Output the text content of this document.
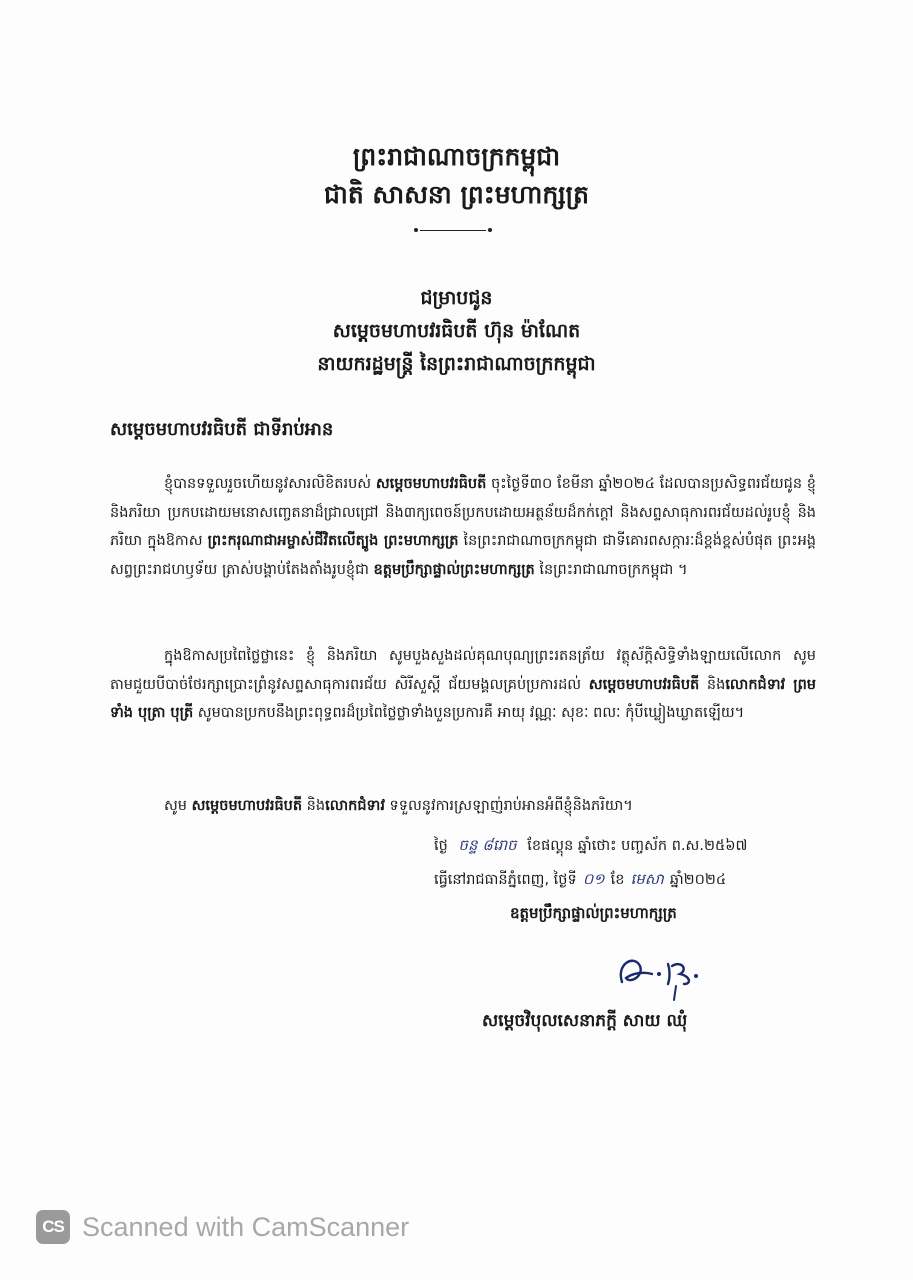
ព្រះរាជាណាចក្រកម្ពុជា
ជាតិ សាសនា ព្រះមហាក្សត្រ
ជម្រាបជូន
សម្តេចមហាបវរធិបតី ហ៊ុន ម៉ាណែត
នាយករដ្ឋមន្ត្រី នៃព្រះរាជាណាចក្រកម្ពុជា
សម្តេចមហាបវរធិបតី ជាទីរាប់អាន
ខ្ញុំបានទទួលរួចហើយនូវសារលិខិតរបស់ សម្តេចមហាបវរធិបតី ចុះថ្ងៃទី៣០ ខែមីនា ឆ្នាំ២០២៤ ដែលបានប្រសិទ្ធពរជ័យជូន ខ្ញុំ និងភរិយា ប្រកបដោយមនោសញ្ចេតនាដ៏ជ្រាលជ្រៅ និង៣ក្យពេចន៍ប្រកបដោយអត្ថន័យដ៏កក់ក្តៅ និងសព្ទសាធុការពរជ័យដល់រូបខ្ញុំ និងភរិយា ក្នុងឱកាស ព្រះករុណាជាអម្ចាស់ជីវិតលើត្បូង ព្រះមហាក្សត្រ នៃព្រះរាជាណាចក្រកម្ពុជា ជាទីគោរពសក្ការៈដ៏ខ្ពង់ខ្ពស់បំផុត ព្រះអង្គសព្វព្រះរាជហឫទ័យ ត្រាស់បង្គាប់តែងតាំងរូបខ្ញុំជា ឧត្តមប្រឹក្សាផ្ទាល់ព្រះមហាក្សត្រ នៃព្រះរាជាណាចក្រកម្ពុជា ។
ក្នុងឱកាសប្រពៃថ្លៃថ្លានេះ ខ្ញុំ និងភរិយា សូមបួងសួងដល់គុណបុណ្យព្រះរតនត្រ័យ វត្ថុស័ក្តិសិទ្ធិទាំងឡាយលើលោក សូមតាមជួយបីបាច់ថែរក្សាប្រោះព្រំនូវសព្ទសាធុការពរជ័យ សិរីសួស្តី ជ័យមង្គលគ្រប់ប្រការដល់ សម្តេចមហាបវរធិបតី និងលោកជំទាវ ព្រមទាំង បុត្រា បុត្រី សូមបានប្រកបនឹងព្រះពុទ្ធពរដ៏ប្រពៃថ្លៃថ្លាទាំងបួនប្រការគឺ អាយុ វណ្ណៈ សុខៈ ពលៈ កុំបីឃ្លៀងឃ្លាតឡើយ។
សូម សម្តេចមហាបវរធិបតី និងលោកជំទាវ ទទួលនូវការស្រឡាញ់រាប់អានអំពីខ្ញុំនិងភរិយា។
ថ្ងៃ ចន្ទ ៨រោច ខែផល្គុន ឆ្នាំថោះ បញ្ចស័ក ព.ស.២៥៦៧
ធ្វើនៅរាជធានីភ្នំពេញ, ថ្ងៃទី ០១ ខែ មេសា ឆ្នាំ២០២៤
ឧត្តមប្រឹក្សាផ្ទាល់ព្រះមហាក្សត្រ
សម្តេចវិបុលសេនាភក្តី សាយ ឈុំ
CS Scanned with CamScanner
